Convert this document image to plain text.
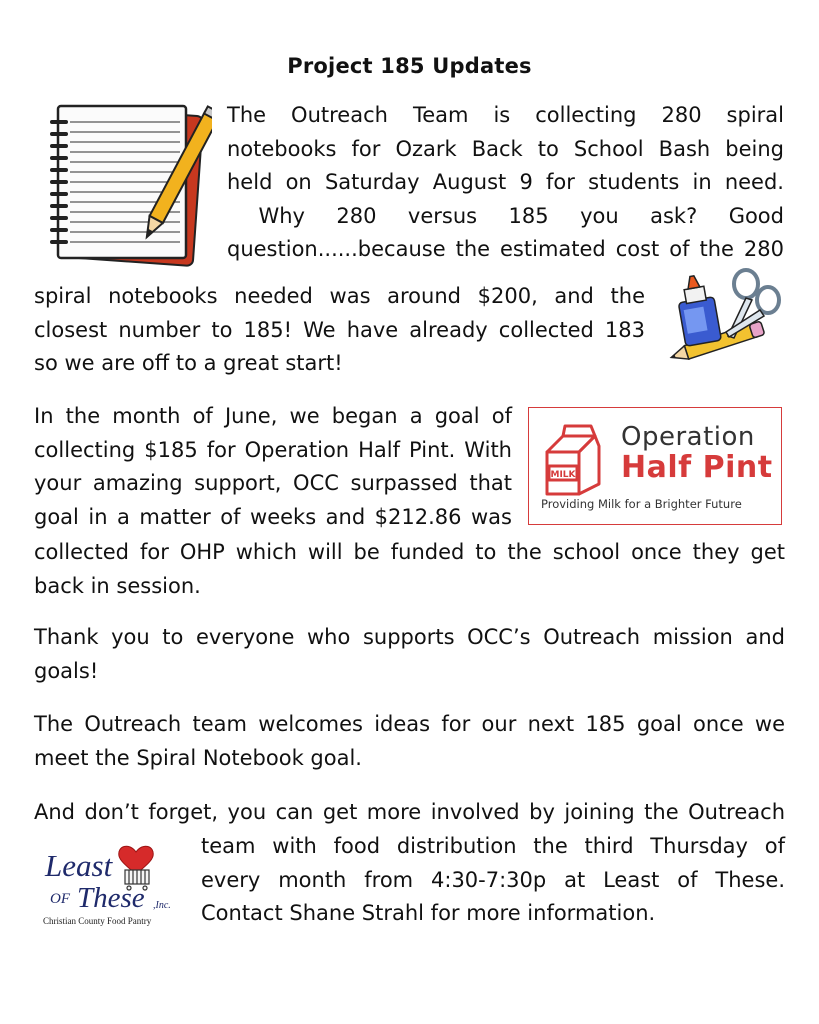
Project 185 Updates

The Outreach Team is collecting 280 spiral
notebooks for Ozark Back to School Bash being
held on Saturday August 9 for students in need.
Why 280 versus 185 you ask? Good
question......because the estimated cost of the 280

spiral notebooks needed was around $200, and the
closest number to 185! We have already collected 183
so we are off to a great start!

In the month of June, we began a goal of
collecting $185 for Operation Half Pint. With
your amazing support, OCC surpassed that
goal in a matter of weeks and $212.86 was

MILK
Operation
Half Pint
Providing Milk for a Brighter Future

collected for OHP which will be funded to the school once they get
back in session.

Thank you to everyone who supports OCC’s Outreach mission and goals!

The Outreach team welcomes ideas for our next 185 goal once we meet the Spiral Notebook goal.

And don’t forget, you can get more involved by joining the Outreach

Least
OF These ,Inc.
Christian County Food Pantry

team with food distribution the third Thursday of
every month from 4:30-7:30p at Least of These.
Contact Shane Strahl for more information.
